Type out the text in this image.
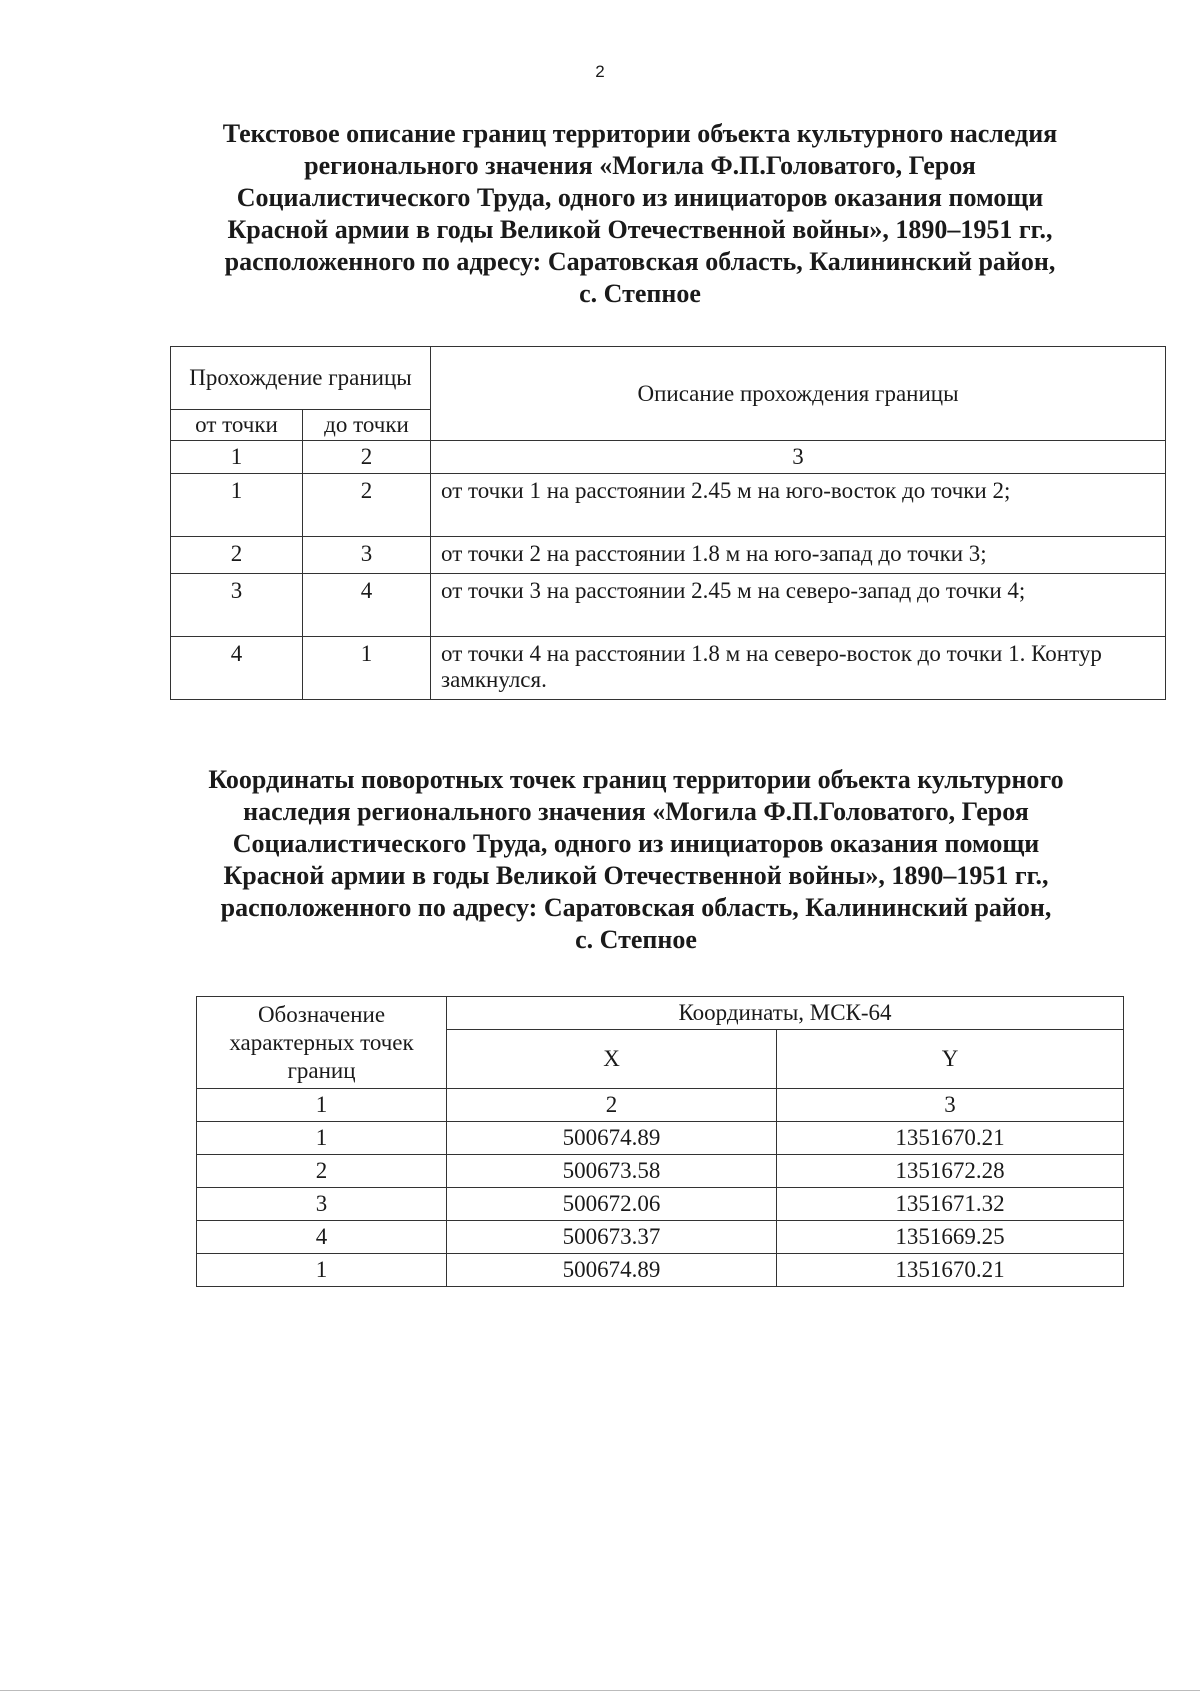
2
Текстовое описание границ территории объекта культурного наследия
регионального значения «Могила Ф.П.Головатого, Героя
Социалистического Труда, одного из инициаторов оказания помощи
Красной армии в годы Великой Отечественной войны», 1890–1951 гг.,
расположенного по адресу: Саратовская область, Калининский район,
с. Степное
Прохождение границы		Описание прохождения границы
от точки	до точки	
1	2	3
1	2	от точки 1 на расстоянии 2.45 м на юго-восток до точки 2;
2	3	от точки 2 на расстоянии 1.8 м на юго-запад до точки 3;
3	4	от точки 3 на расстоянии 2.45 м на северо-запад до точки 4;
4	1	от точки 4 на расстоянии 1.8 м на северо-восток до точки 1. Контур замкнулся.
Координаты поворотных точек границ территории объекта культурного
наследия регионального значения «Могила Ф.П.Головатого, Героя
Социалистического Труда, одного из инициаторов оказания помощи
Красной армии в годы Великой Отечественной войны», 1890–1951 гг.,
расположенного по адресу: Саратовская область, Калининский район,
с. Степное
Обозначение характерных точек границ	Координаты, МСК-64	
	X	Y
1	2	3
1	500674.89	1351670.21
2	500673.58	1351672.28
3	500672.06	1351671.32
4	500673.37	1351669.25
1	500674.89	1351670.21
